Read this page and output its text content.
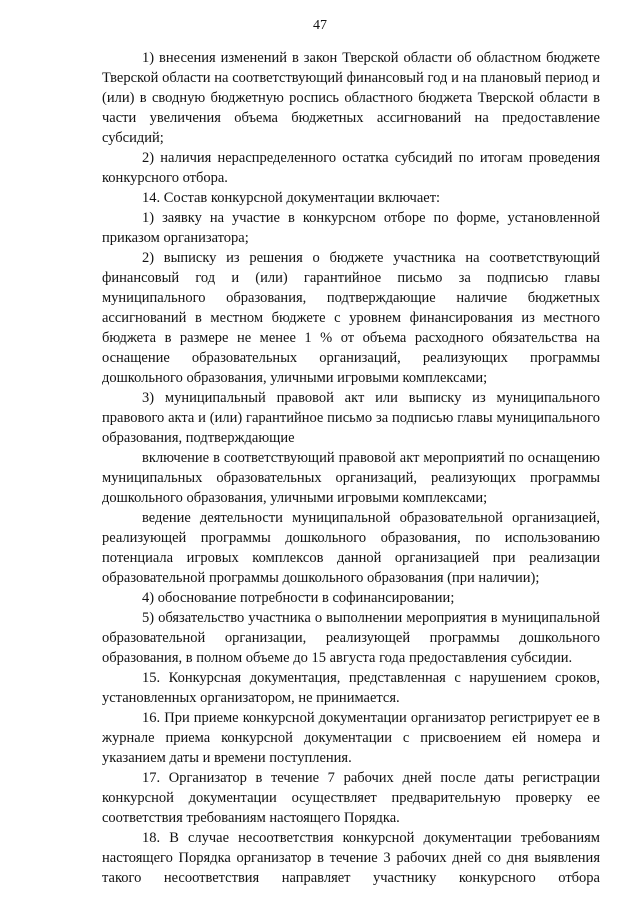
47

1) внесения изменений в закон Тверской области об областном бюджете Тверской области на соответствующий финансовый год и на плановый период и (или) в сводную бюджетную роспись областного бюджета Тверской области в части увеличения объема бюджетных ассигнований на предоставление субсидий;

2) наличия нераспределенного остатка субсидий по итогам проведения конкурсного отбора.

14. Состав конкурсной документации включает:

1) заявку на участие в конкурсном отборе по форме, установленной приказом организатора;

2) выписку из решения о бюджете участника на соответствующий финансовый год и (или) гарантийное письмо за подписью главы муниципального образования, подтверждающие наличие бюджетных ассигнований в местном бюджете с уровнем финансирования из местного бюджета в размере не менее 1 % от объема расходного обязательства на оснащение образовательных организаций, реализующих программы дошкольного образования, уличными игровыми комплексами;

3) муниципальный правовой акт или выписку из муниципального правового акта и (или) гарантийное письмо за подписью главы муниципального образования, подтверждающие

включение в соответствующий правовой акт мероприятий по оснащению муниципальных образовательных организаций, реализующих программы дошкольного образования, уличными игровыми комплексами;

ведение деятельности муниципальной образовательной организацией, реализующей программы дошкольного образования, по использованию потенциала игровых комплексов данной организацией при реализации образовательной программы дошкольного образования (при наличии);

4) обоснование потребности в софинансировании;

5) обязательство участника о выполнении мероприятия в муниципальной образовательной организации, реализующей программы дошкольного образования, в полном объеме до 15 августа года предоставления субсидии.

15. Конкурсная документация, представленная с нарушением сроков, установленных организатором, не принимается.

16. При приеме конкурсной документации организатор регистрирует ее в журнале приема конкурсной документации с присвоением ей номера и указанием даты и времени поступления.

17. Организатор в течение 7 рабочих дней после даты регистрации конкурсной документации осуществляет предварительную проверку ее соответствия требованиям настоящего Порядка.

18. В случае несоответствия конкурсной документации требованиям настоящего Порядка организатор в течение 3 рабочих дней со дня выявления такого несоответствия направляет участнику конкурсного отбора
